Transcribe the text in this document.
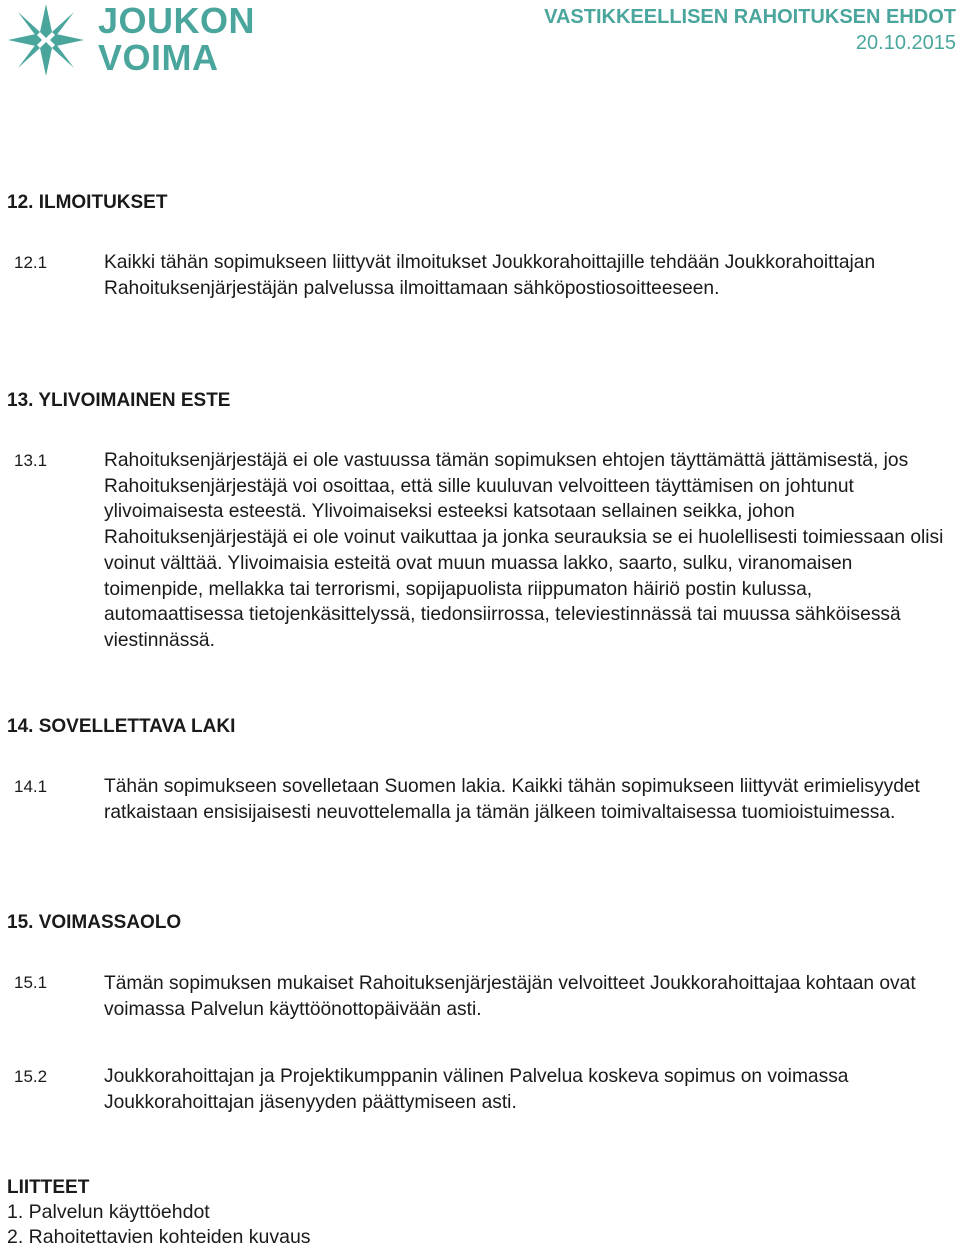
JOUKON
VOIMA
VASTIKKEELLISEN RAHOITUKSEN EHDOT
20.10.2015
12. ILMOITUKSET
12.1	Kaikki tähän sopimukseen liittyvät ilmoitukset Joukkorahoittajille tehdään Joukkorahoittajan Rahoituksenjärjestäjän palvelussa ilmoittamaan sähköpostiosoitteeseen.
13. YLIVOIMAINEN ESTE
13.1	Rahoituksenjärjestäjä ei ole vastuussa tämän sopimuksen ehtojen täyttämättä jättämisestä, jos Rahoituksenjärjestäjä voi osoittaa, että sille kuuluvan velvoitteen täyttämisen on johtunut ylivoimaisesta esteestä. Ylivoimaiseksi esteeksi katsotaan sellainen seikka, johon Rahoituksenjärjestäjä ei ole voinut vaikuttaa ja jonka seurauksia se ei huolellisesti toimiessaan olisi voinut välttää. Ylivoimaisia esteitä ovat muun muassa lakko, saarto, sulku, viranomaisen toimenpide, mellakka tai terrorismi, sopijapuolista riippumaton häiriö postin kulussa, automaattisessa tietojenkäsittelyssä, tiedonsiirrossa, televiestinnässä tai muussa sähköisessä viestinnässä.
14. SOVELLETTAVA LAKI
14.1	Tähän sopimukseen sovelletaan Suomen lakia. Kaikki tähän sopimukseen liittyvät erimielisyydet ratkaistaan ensisijaisesti neuvottelemalla ja tämän jälkeen toimivaltaisessa tuomioistuimessa.
15. VOIMASSAOLO
15.1	Tämän sopimuksen mukaiset Rahoituksenjärjestäjän velvoitteet Joukkorahoittajaa kohtaan ovat voimassa Palvelun käyttöönottopäivään asti.
15.2	Joukkorahoittajan ja Projektikumppanin välinen Palvelua koskeva sopimus on voimassa Joukkorahoittajan jäsenyyden päättymiseen asti.
LIITTEET
1. Palvelun käyttöehdot
2. Rahoitettavien kohteiden kuvaus
